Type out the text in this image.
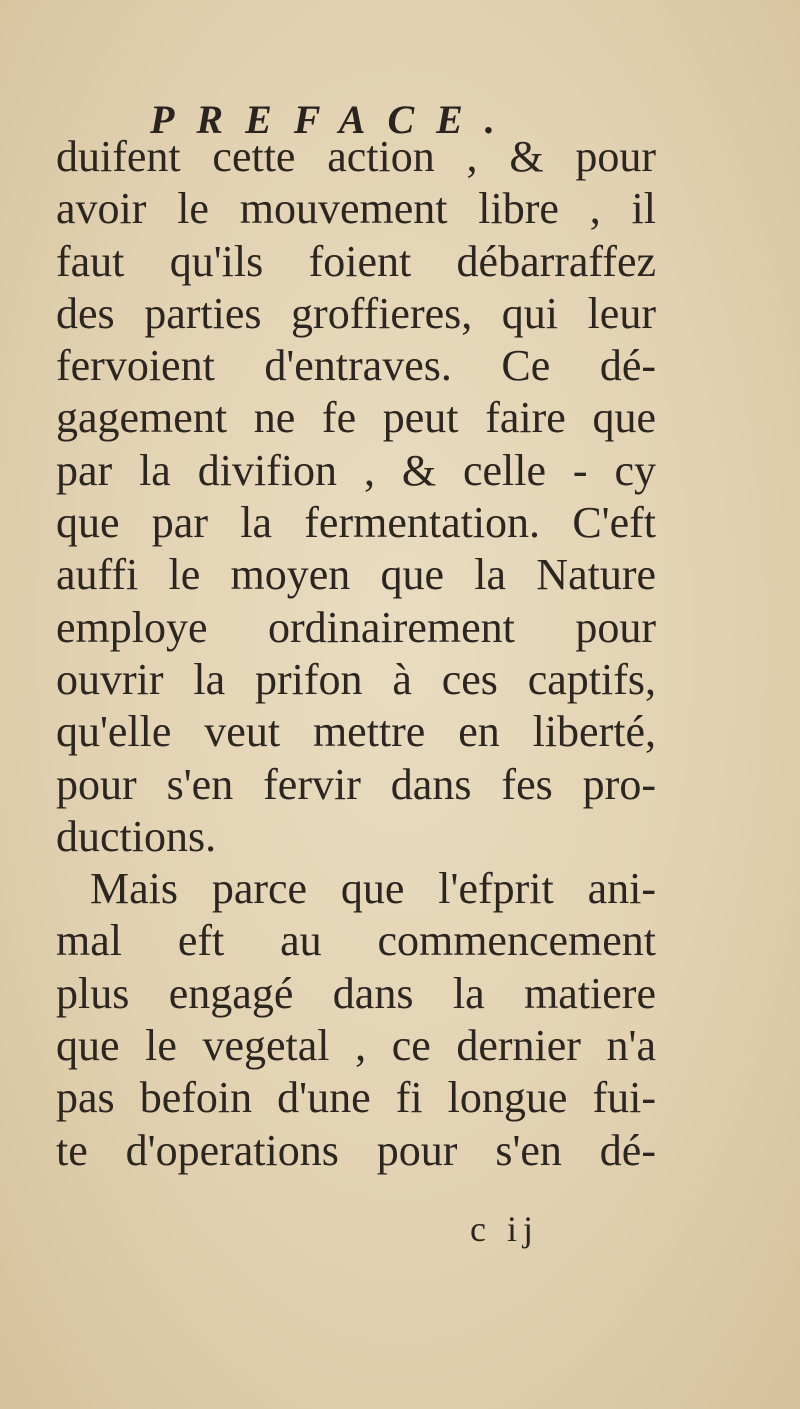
PREFACE.
duifent cette action , & pour
avoir le mouvement libre , il
faut qu'ils foient débarraffez
des parties groffieres, qui leur
fervoient d'entraves. Ce dé-
gagement ne fe peut faire que
par la divifion , & celle - cy
que par la fermentation. C'eft
auffi le moyen que la Nature
employe ordinairement pour
ouvrir la prifon à ces captifs,
qu'elle veut mettre en liberté,
pour s'en fervir dans fes pro-
ductions.
Mais parce que l'efprit ani-
mal eft au commencement
plus engagé dans la matiere
que le vegetal , ce dernier n'a
pas befoin d'une fi longue fui-
te d'operations pour s'en dé-
c ij
